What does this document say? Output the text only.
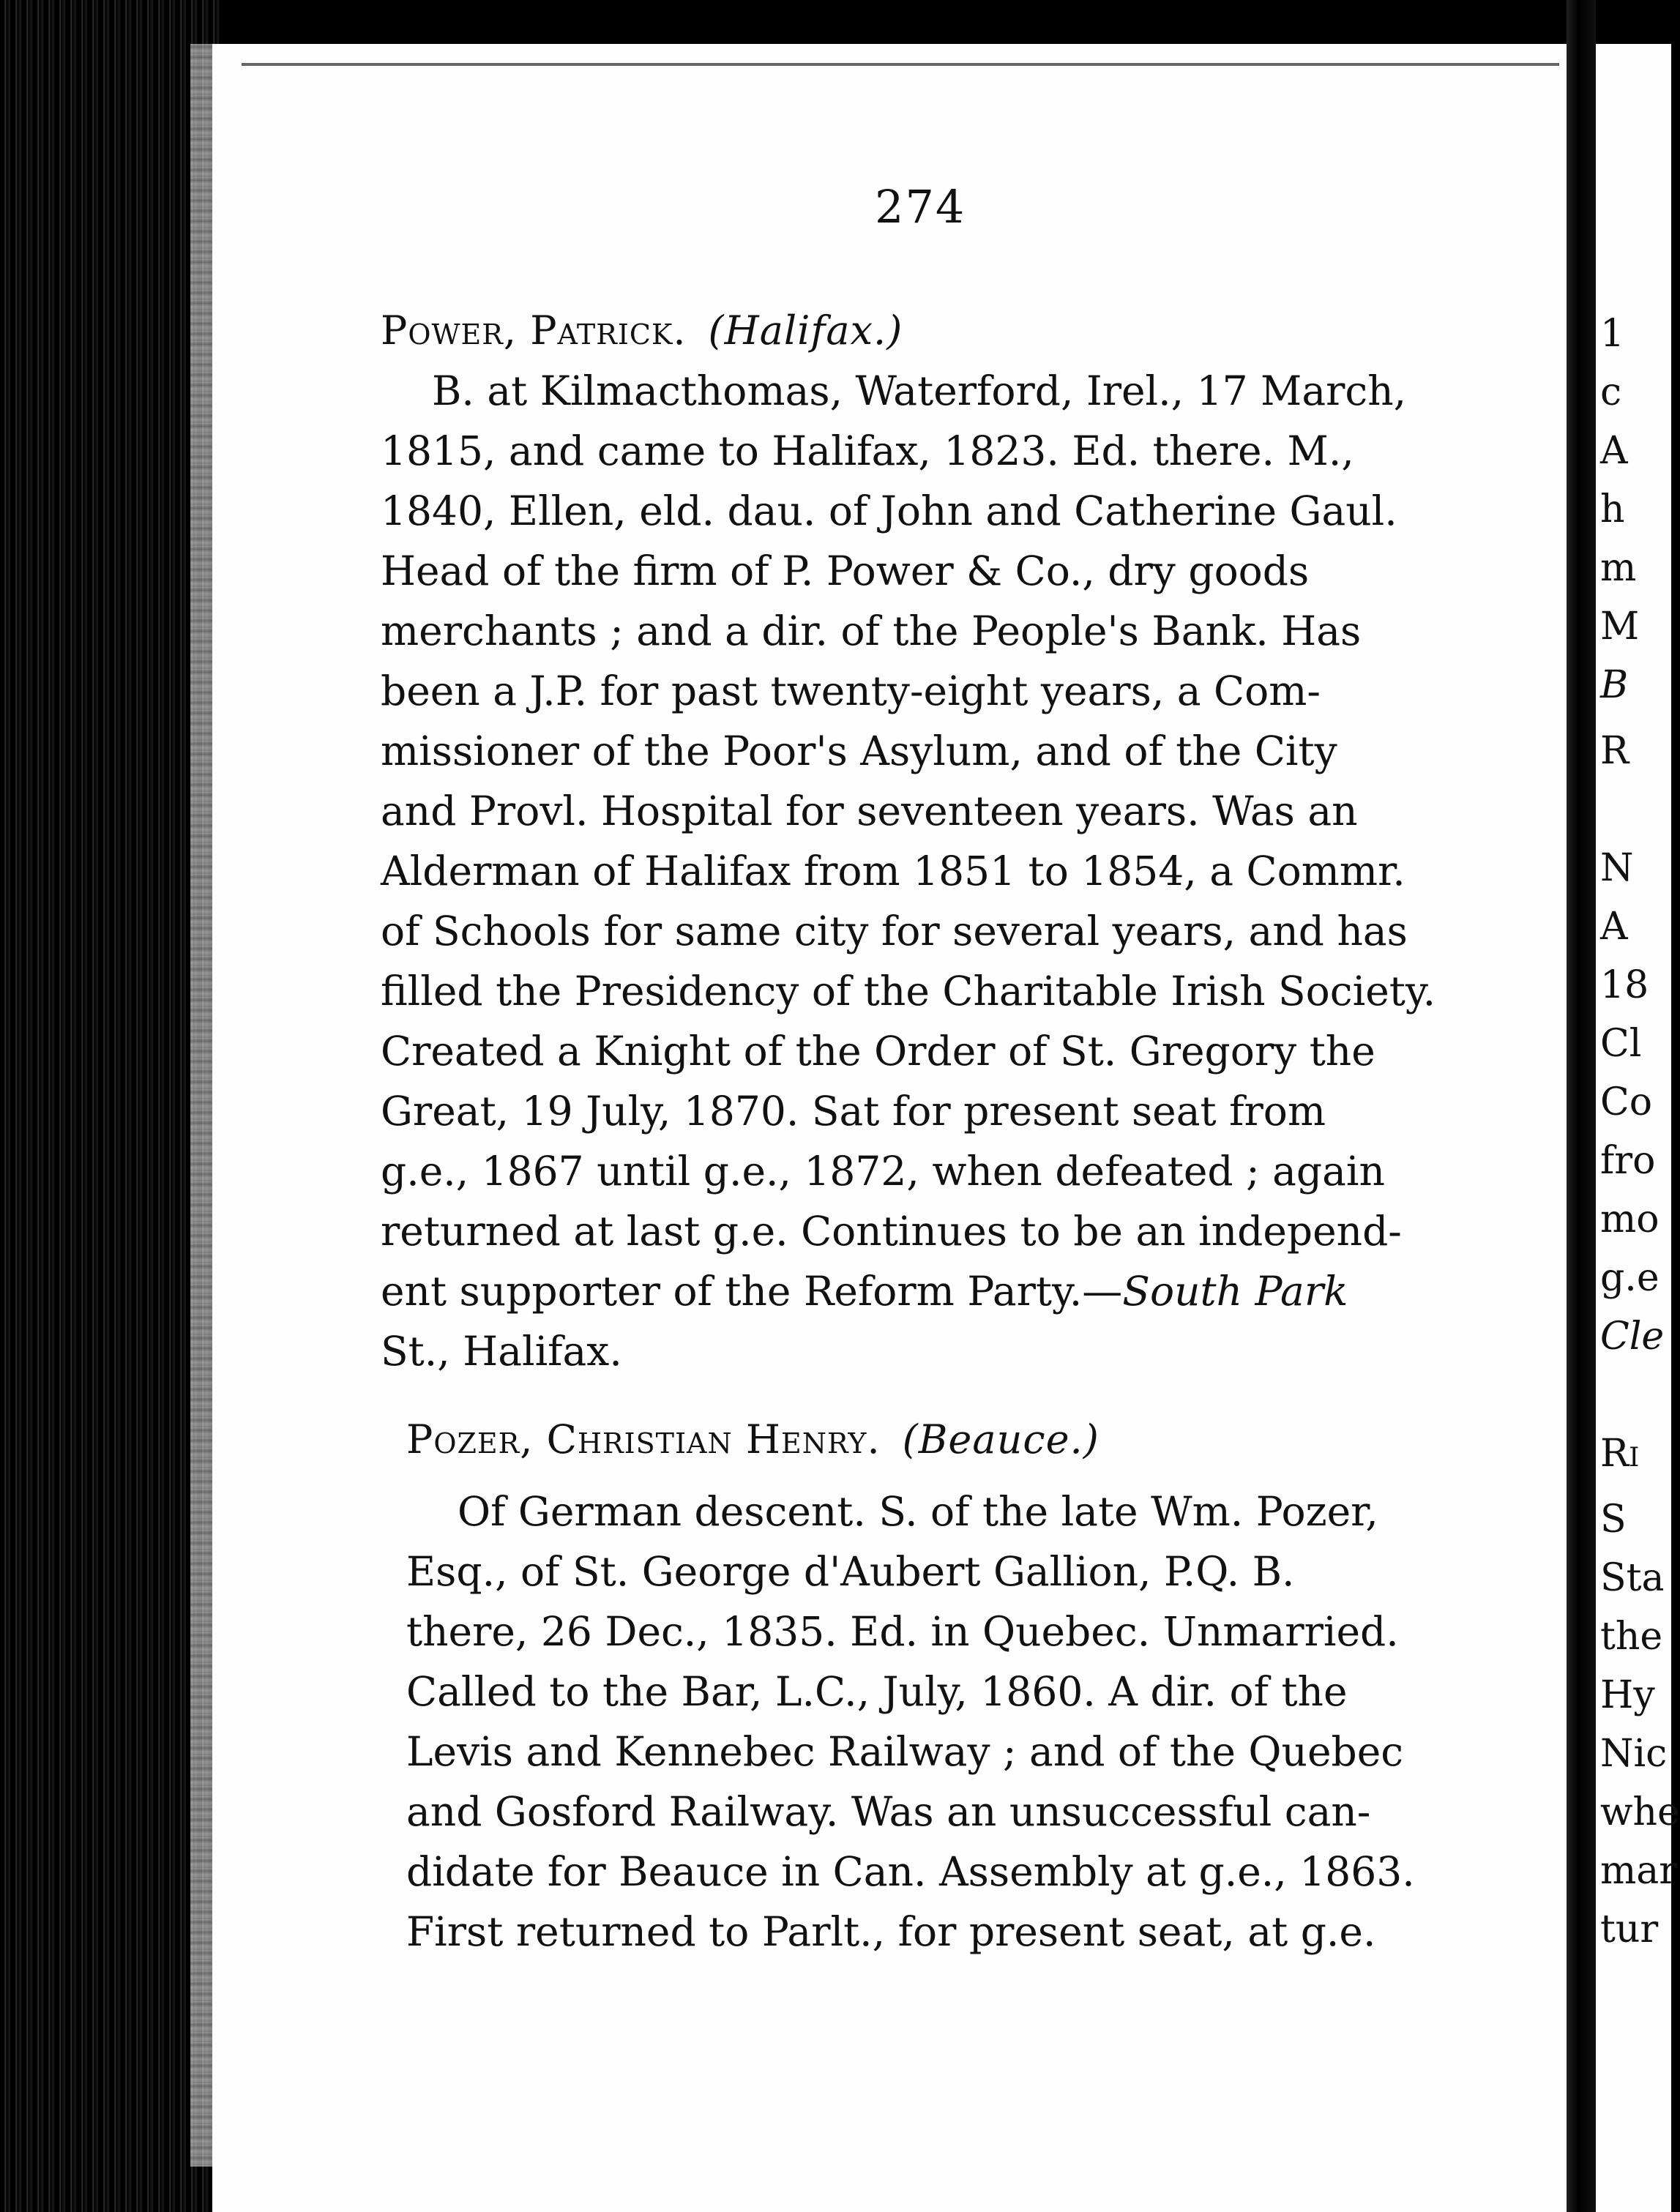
1
c
A
h
m
M
B
R
N
A
18
Cl
Co
fro
mo
g.e
Cle
Ri
S
Sta
the
Hy
Nic
whe
mar
tur
274
Power, Patrick. (Halifax.)
B. at Kilmacthomas, Waterford, Irel., 17 March,
1815, and came to Halifax, 1823. Ed. there. M.,
1840, Ellen, eld. dau. of John and Catherine Gaul.
Head of the firm of P. Power & Co., dry goods
merchants ; and a dir. of the People's Bank. Has
been a J.P. for past twenty-eight years, a Com-
missioner of the Poor's Asylum, and of the City
and Provl. Hospital for seventeen years. Was an
Alderman of Halifax from 1851 to 1854, a Commr.
of Schools for same city for several years, and has
filled the Presidency of the Charitable Irish Society.
Created a Knight of the Order of St. Gregory the
Great, 19 July, 1870. Sat for present seat from
g.e., 1867 until g.e., 1872, when defeated ; again
returned at last g.e. Continues to be an independ-
ent supporter of the Reform Party.—South Park
St., Halifax.
Pozer, Christian Henry. (Beauce.)
Of German descent. S. of the late Wm. Pozer,
Esq., of St. George d'Aubert Gallion, P.Q. B.
there, 26 Dec., 1835. Ed. in Quebec. Unmarried.
Called to the Bar, L.C., July, 1860. A dir. of the
Levis and Kennebec Railway ; and of the Quebec
and Gosford Railway. Was an unsuccessful can-
didate for Beauce in Can. Assembly at g.e., 1863.
First returned to Parlt., for present seat, at g.e.
